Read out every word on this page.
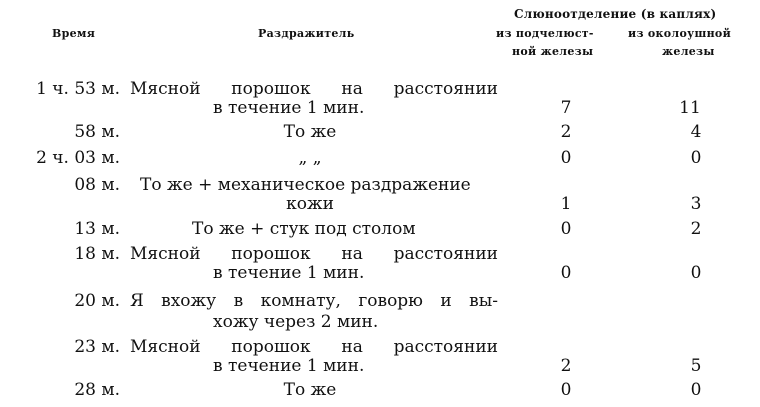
Время	Раздражитель
Слюноотделение (в каплях)
из подчелюст-
ной железы
из околоушной
железы
1 ч. 53 м. Мясной порошок на расстоянии
в течение 1 мин.	7	11
58 м.	То же	2	4
2 ч. 03 м.	„ „	0	0
08 м. То же + механическое раздражение
кожи	1	3
13 м.	То же + стук под столом	0	2
18 м. Мясной порошок на расстоянии
в течение 1 мин.	0	0
20 м. Я вхожу в комнату, говорю и вы-
хожу через 2 мин.
23 м. Мясной порошок на расстоянии
в течение 1 мин.	2	5
28 м.	То же	0	0
